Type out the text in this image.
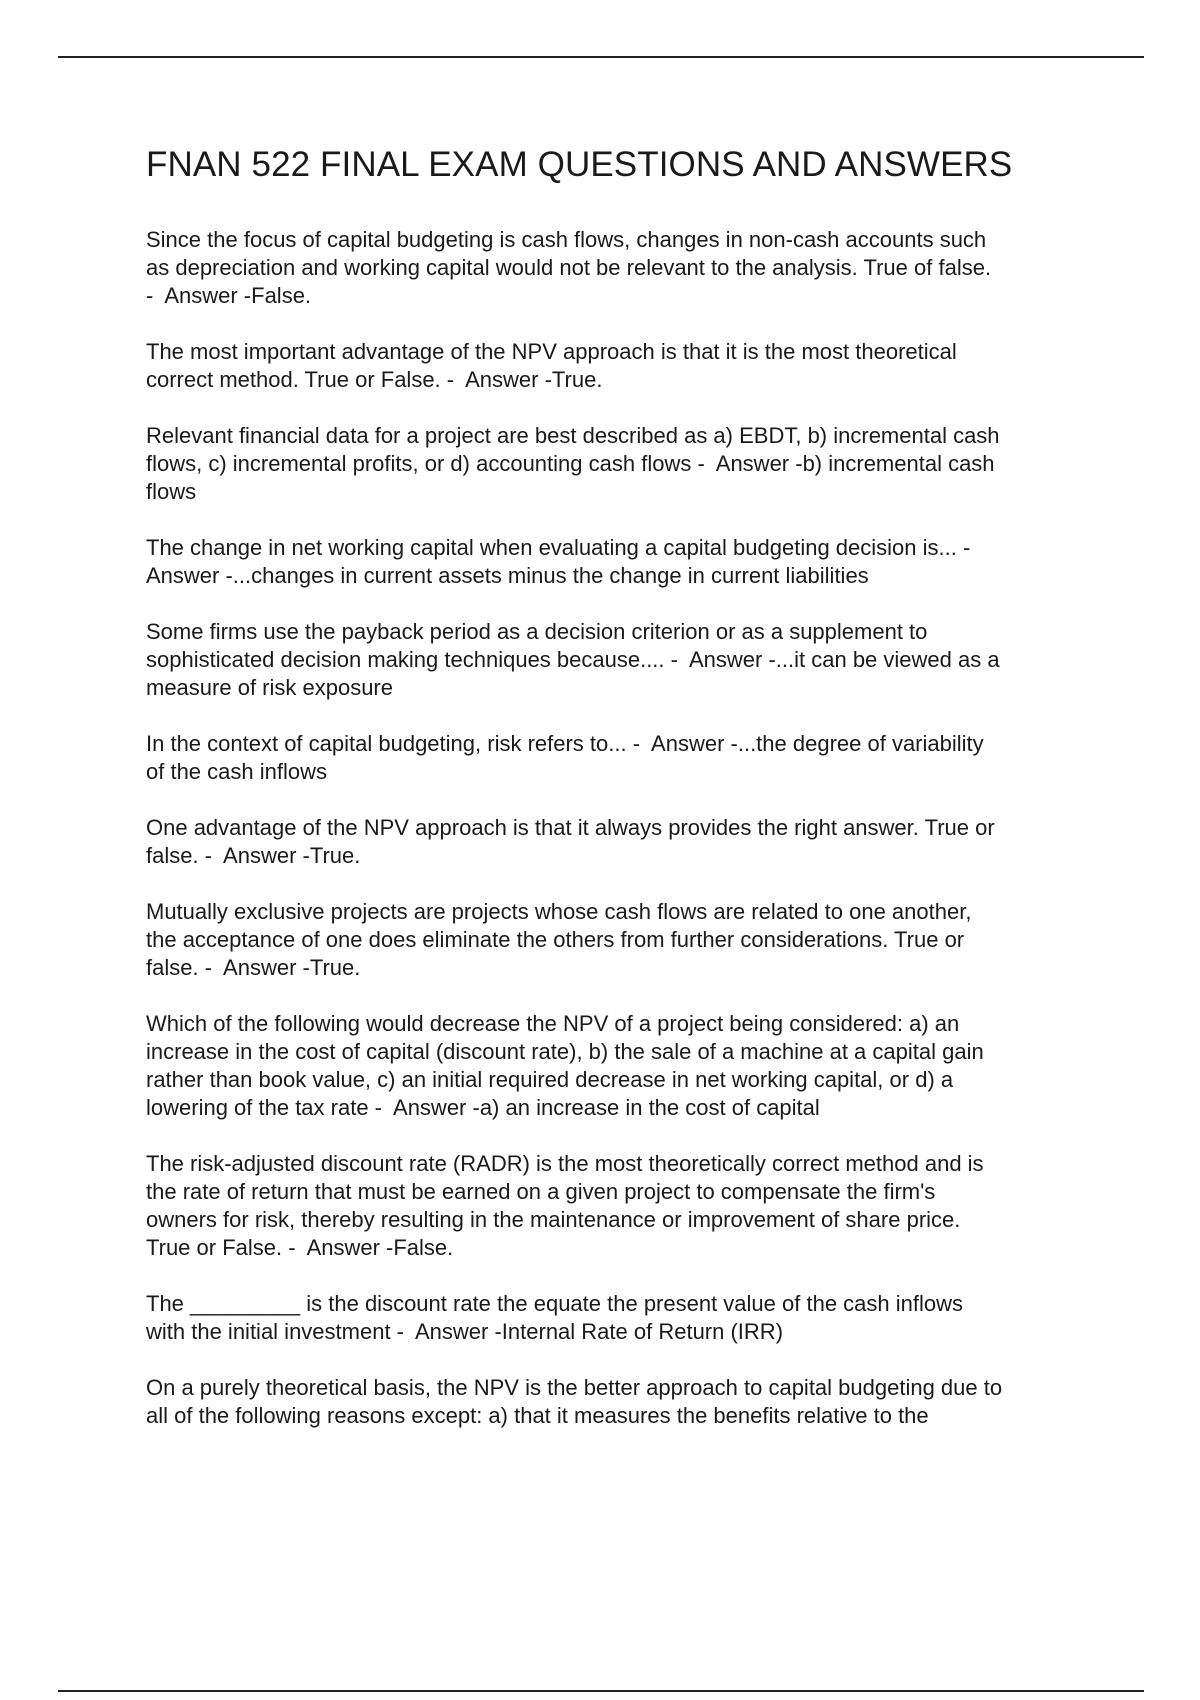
FNAN 522 FINAL EXAM QUESTIONS AND ANSWERS

Since the focus of capital budgeting is cash flows, changes in non-cash accounts such
as depreciation and working capital would not be relevant to the analysis. True of false.
-  Answer -False.

The most important advantage of the NPV approach is that it is the most theoretical
correct method. True or False. -  Answer -True.

Relevant financial data for a project are best described as a) EBDT, b) incremental cash
flows, c) incremental profits, or d) accounting cash flows -  Answer -b) incremental cash
flows

The change in net working capital when evaluating a capital budgeting decision is... -
Answer -...changes in current assets minus the change in current liabilities

Some firms use the payback period as a decision criterion or as a supplement to
sophisticated decision making techniques because.... -  Answer -...it can be viewed as a
measure of risk exposure

In the context of capital budgeting, risk refers to... -  Answer -...the degree of variability
of the cash inflows

One advantage of the NPV approach is that it always provides the right answer. True or
false. -  Answer -True.

Mutually exclusive projects are projects whose cash flows are related to one another,
the acceptance of one does eliminate the others from further considerations. True or
false. -  Answer -True.

Which of the following would decrease the NPV of a project being considered: a) an
increase in the cost of capital (discount rate), b) the sale of a machine at a capital gain
rather than book value, c) an initial required decrease in net working capital, or d) a
lowering of the tax rate -  Answer -a) an increase in the cost of capital

The risk-adjusted discount rate (RADR) is the most theoretically correct method and is
the rate of return that must be earned on a given project to compensate the firm's
owners for risk, thereby resulting in the maintenance or improvement of share price.
True or False. -  Answer -False.

The _________ is the discount rate the equate the present value of the cash inflows
with the initial investment -  Answer -Internal Rate of Return (IRR)

On a purely theoretical basis, the NPV is the better approach to capital budgeting due to
all of the following reasons except: a) that it measures the benefits relative to the
